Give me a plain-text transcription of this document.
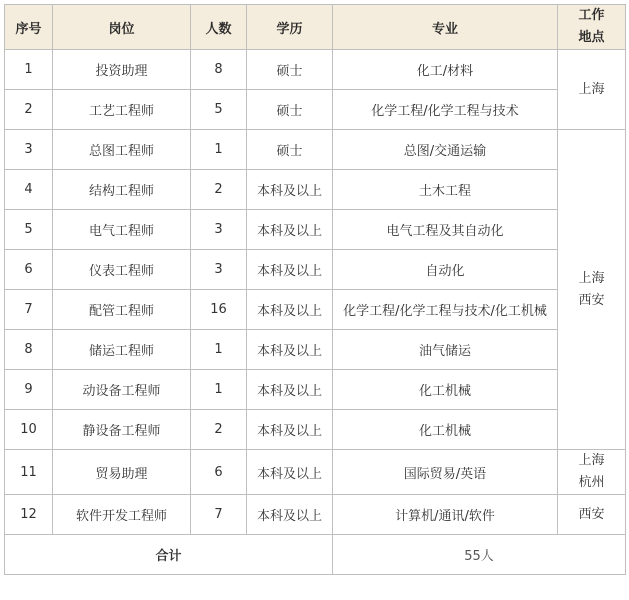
序号	岗位	人数	学历	专业	工作
地点

1	投资助理	8	硕士	化工/材料	上海

2	工艺工程师	5	硕士	化学工程/化学工程与技术	
3	总图工程师	1	硕士	总图/交通运输	上海
西安

4	结构工程师	2	本科及以上	土木工程	
5	电气工程师	3	本科及以上	电气工程及其自动化	
6	仪表工程师	3	本科及以上	自动化	
7	配管工程师	16	本科及以上	化学工程/化学工程与技术/化工机械	
8	储运工程师	1	本科及以上	油气储运	
9	动设备工程师	1	本科及以上	化工机械	
10	静设备工程师	2	本科及以上	化工机械	
11	贸易助理	6	本科及以上	国际贸易/英语	上海
杭州

12	软件开发工程师	7	本科及以上	计算机/通讯/软件	西安

合计				55人	
